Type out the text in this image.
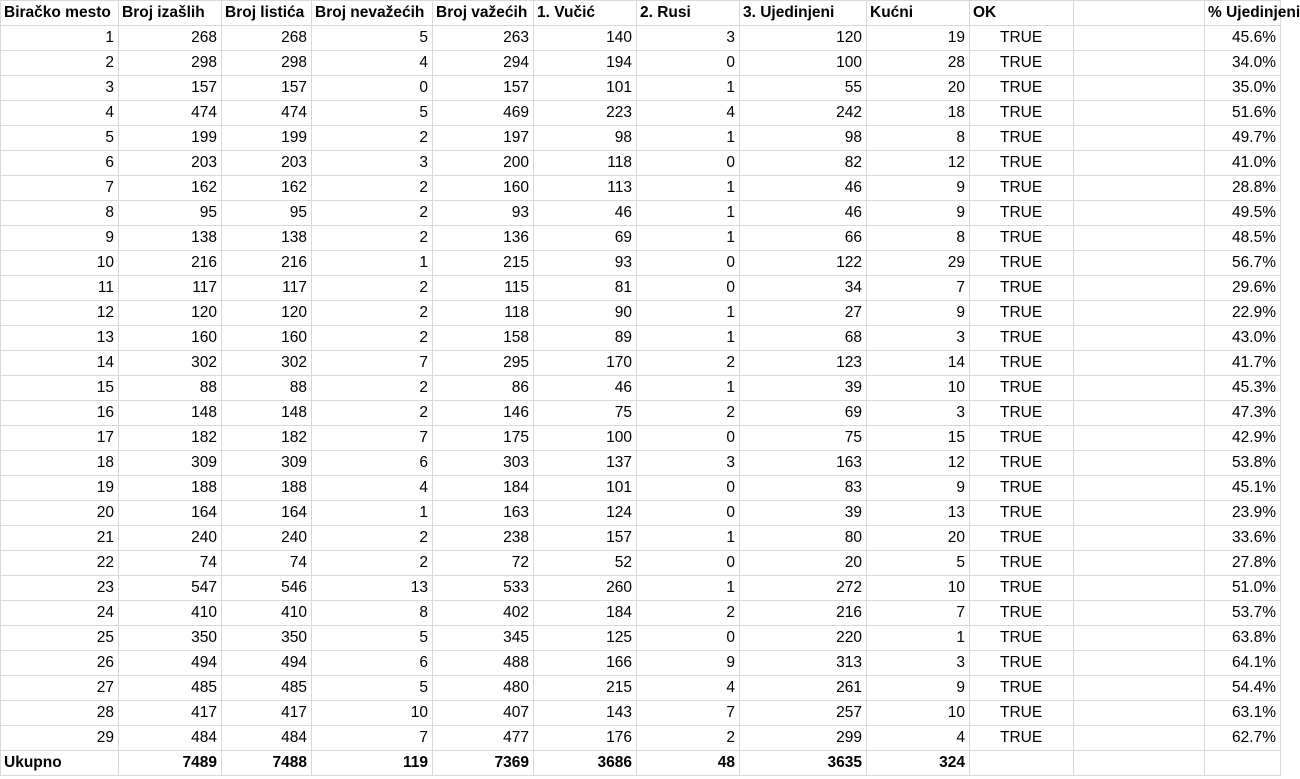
Biračko mesto	Broj izašlih	Broj listića	Broj nevažećih	Broj važećih	1. Vučić	2. Rusi	3. Ujedinjeni	Kućni	OK		% Ujedinjeni
1	268	268	5	263	140	3	120	19	TRUE		45.6%
2	298	298	4	294	194	0	100	28	TRUE		34.0%
3	157	157	0	157	101	1	55	20	TRUE		35.0%
4	474	474	5	469	223	4	242	18	TRUE		51.6%
5	199	199	2	197	98	1	98	8	TRUE		49.7%
6	203	203	3	200	118	0	82	12	TRUE		41.0%
7	162	162	2	160	113	1	46	9	TRUE		28.8%
8	95	95	2	93	46	1	46	9	TRUE		49.5%
9	138	138	2	136	69	1	66	8	TRUE		48.5%
10	216	216	1	215	93	0	122	29	TRUE		56.7%
11	117	117	2	115	81	0	34	7	TRUE		29.6%
12	120	120	2	118	90	1	27	9	TRUE		22.9%
13	160	160	2	158	89	1	68	3	TRUE		43.0%
14	302	302	7	295	170	2	123	14	TRUE		41.7%
15	88	88	2	86	46	1	39	10	TRUE		45.3%
16	148	148	2	146	75	2	69	3	TRUE		47.3%
17	182	182	7	175	100	0	75	15	TRUE		42.9%
18	309	309	6	303	137	3	163	12	TRUE		53.8%
19	188	188	4	184	101	0	83	9	TRUE		45.1%
20	164	164	1	163	124	0	39	13	TRUE		23.9%
21	240	240	2	238	157	1	80	20	TRUE		33.6%
22	74	74	2	72	52	0	20	5	TRUE		27.8%
23	547	546	13	533	260	1	272	10	TRUE		51.0%
24	410	410	8	402	184	2	216	7	TRUE		53.7%
25	350	350	5	345	125	0	220	1	TRUE		63.8%
26	494	494	6	488	166	9	313	3	TRUE		64.1%
27	485	485	5	480	215	4	261	9	TRUE		54.4%
28	417	417	10	407	143	7	257	10	TRUE		63.1%
29	484	484	7	477	176	2	299	4	TRUE		62.7%
Ukupno	7489	7488	119	7369	3686	48	3635	324			
